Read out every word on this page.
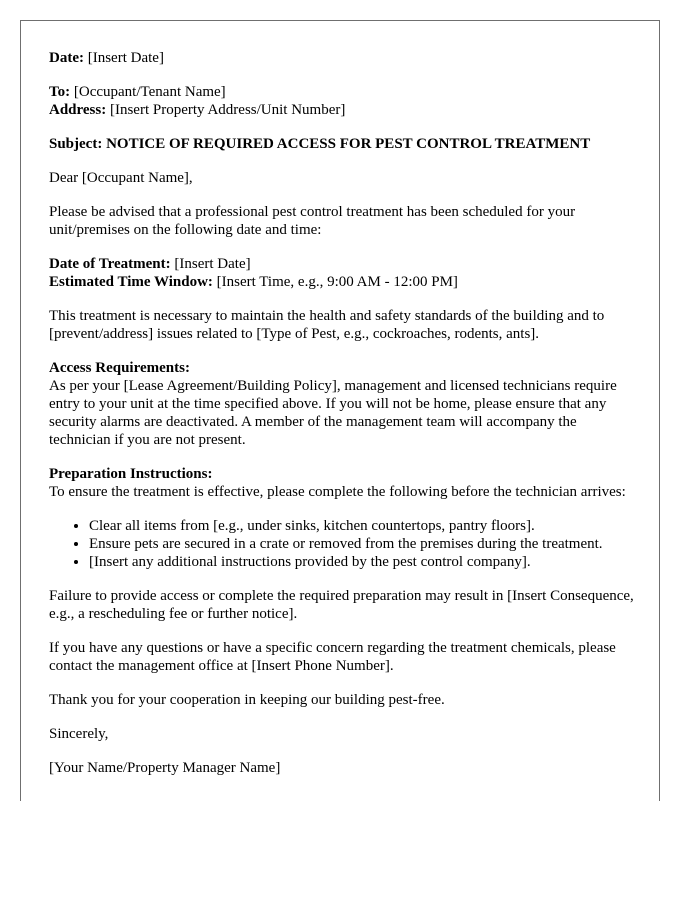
Date: [Insert Date]

To: [Occupant/Tenant Name]

Address: [Insert Property Address/Unit Number]

Subject: NOTICE OF REQUIRED ACCESS FOR PEST CONTROL TREATMENT

Dear [Occupant Name],

Please be advised that a professional pest control treatment has been scheduled for your unit/premises on the following date and time:

Date of Treatment: [Insert Date]

Estimated Time Window: [Insert Time, e.g., 9:00 AM - 12:00 PM]

This treatment is necessary to maintain the health and safety standards of the building and to [prevent/address] issues related to [Type of Pest, e.g., cockroaches, rodents, ants].

Access Requirements:

As per your [Lease Agreement/Building Policy], management and licensed technicians require entry to your unit at the time specified above. If you will not be home, please ensure that any security alarms are deactivated. A member of the management team will accompany the technician if you are not present.

Preparation Instructions:

To ensure the treatment is effective, please complete the following before the technician arrives:

• Clear all items from [e.g., under sinks, kitchen countertops, pantry floors].
• Ensure pets are secured in a crate or removed from the premises during the treatment.
• [Insert any additional instructions provided by the pest control company].

Failure to provide access or complete the required preparation may result in [Insert Consequence, e.g., a rescheduling fee or further notice].

If you have any questions or have a specific concern regarding the treatment chemicals, please contact the management office at [Insert Phone Number].

Thank you for your cooperation in keeping our building pest-free.

Sincerely,

[Your Name/Property Manager Name]
